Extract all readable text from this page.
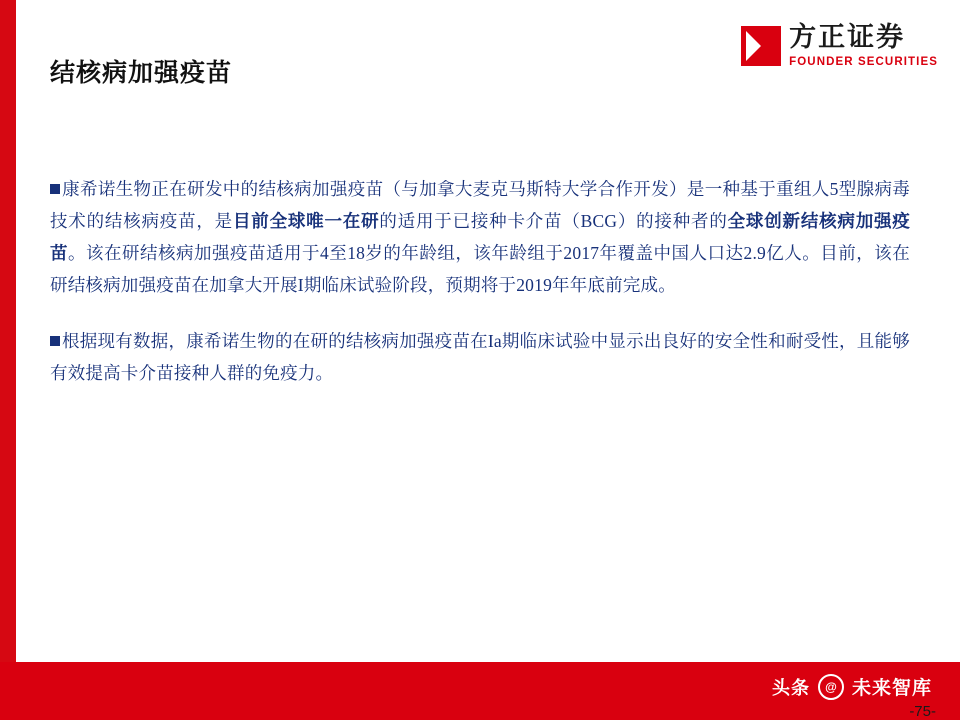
方正证券
FOUNDER SECURITIES
结核病加强疫苗

康希诺生物正在研发中的结核病加强疫苗（与加拿大麦克马斯特大学合作开发）是一种基于重组人5型腺病毒技术的结核病疫苗，是目前全球唯一在研的适用于已接种卡介苗（BCG）的接种者的全球创新结核病加强疫苗。该在研结核病加强疫苗适用于4至18岁的年龄组，该年龄组于2017年覆盖中国人口达2.9亿人。目前，该在研结核病加强疫苗在加拿大开展I期临床试验阶段，预期将于2019年年底前完成。

根据现有数据，康希诺生物的在研的结核病加强疫苗在Ia期临床试验中显示出良好的安全性和耐受性，且能够有效提高卡介苗接种人群的免疫力。

头条	@ 未来智库
-75-
